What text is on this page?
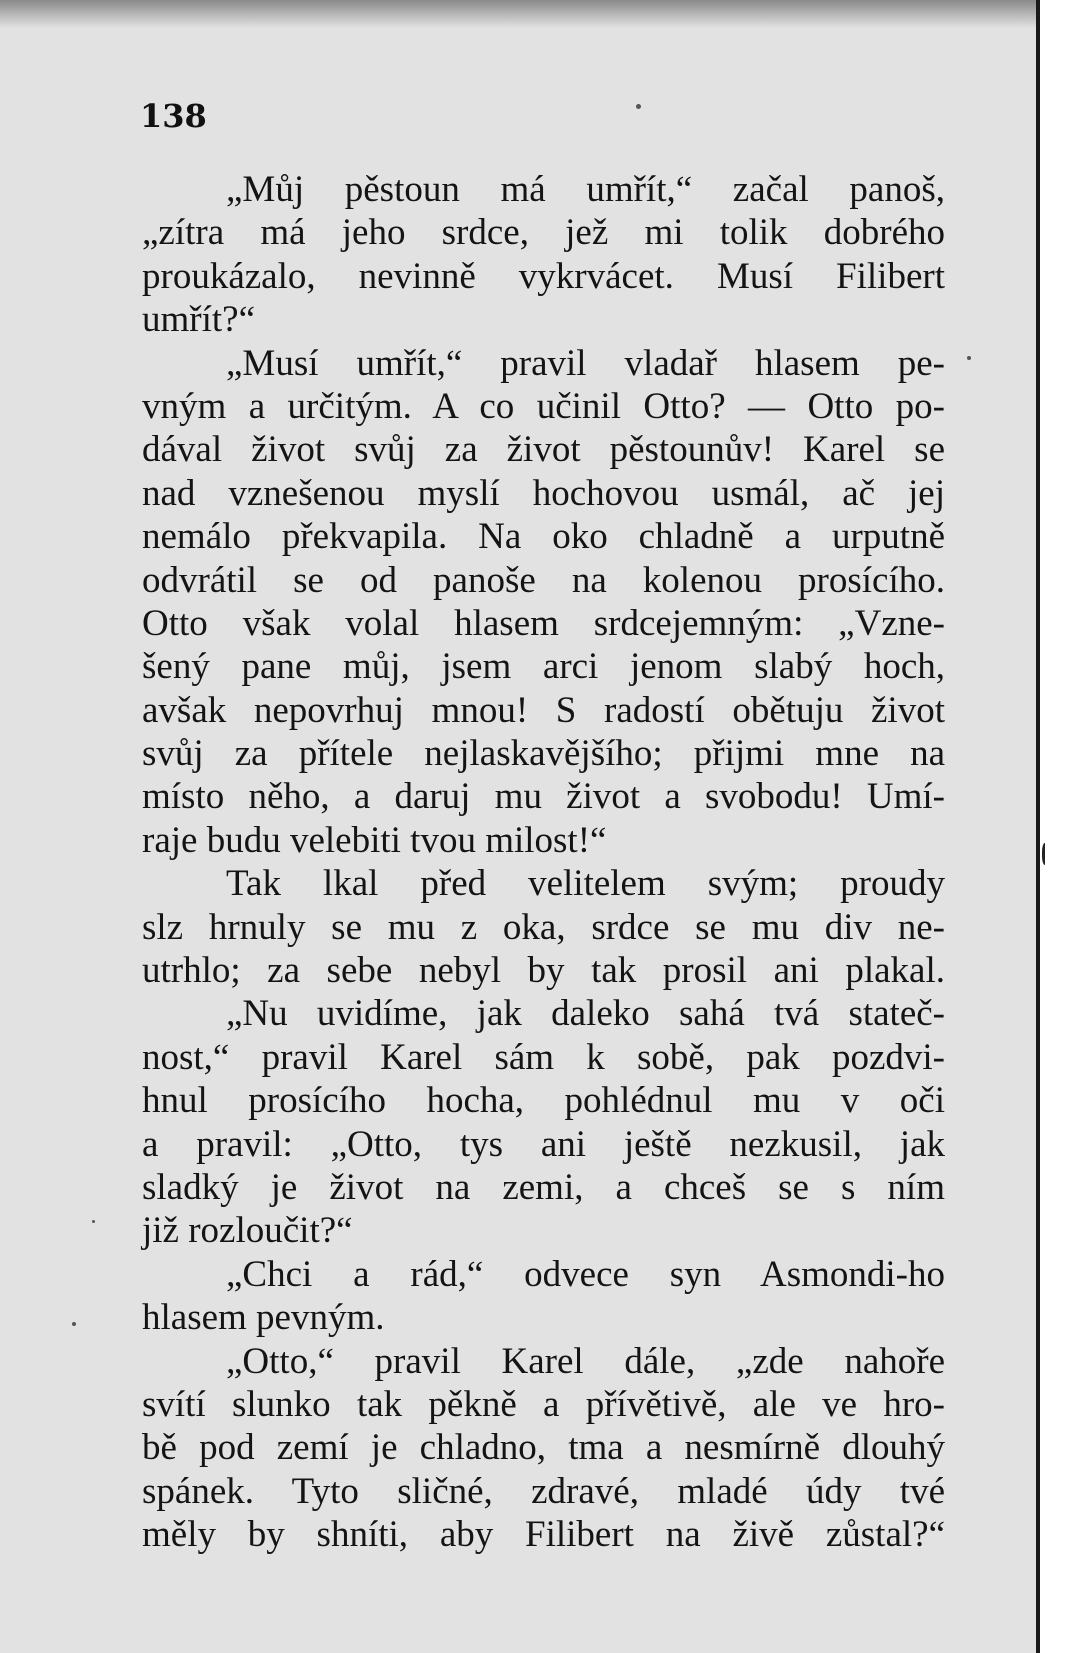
138

„Můj pěstoun má umřít,“ začal panoš,
„zítra má jeho srdce, jež mi tolik dobrého
proukázalo, nevinně vykrvácet. Musí Filibert
umřít?“
„Musí umřít,“ pravil vladař hlasem pe-
vným a určitým. A co učinil Otto? — Otto po-
dával život svůj za život pěstounův! Karel se
nad vznešenou myslí hochovou usmál, ač jej
nemálo překvapila. Na oko chladně a urputně
odvrátil se od panoše na kolenou prosícího.
Otto však volal hlasem srdcejemným: „Vzne-
šený pane můj, jsem arci jenom slabý hoch,
avšak nepovrhuj mnou! S radostí obětuju život
svůj za přítele nejlaskavějšího; přijmi mne na
místo něho, a daruj mu život a svobodu! Umí-
raje budu velebiti tvou milost!“
Tak lkal před velitelem svým; proudy
slz hrnuly se mu z oka, srdce se mu div ne-
utrhlo; za sebe nebyl by tak prosil ani plakal.
„Nu uvidíme, jak daleko sahá tvá stateč-
nost,“ pravil Karel sám k sobě, pak pozdvi-
hnul prosícího hocha, pohlédnul mu v oči
a pravil: „Otto, tys ani ještě nezkusil, jak
sladký je život na zemi, a chceš se s ním
již rozloučit?“
„Chci a rád,“ odvece syn Asmondi-ho
hlasem pevným.
„Otto,“ pravil Karel dále, „zde nahoře
svítí slunko tak pěkně a přívětivě, ale ve hro-
bě pod zemí je chladno, tma a nesmírně dlouhý
spánek. Tyto sličné, zdravé, mladé údy tvé
měly by shníti, aby Filibert na živě zůstal?“
